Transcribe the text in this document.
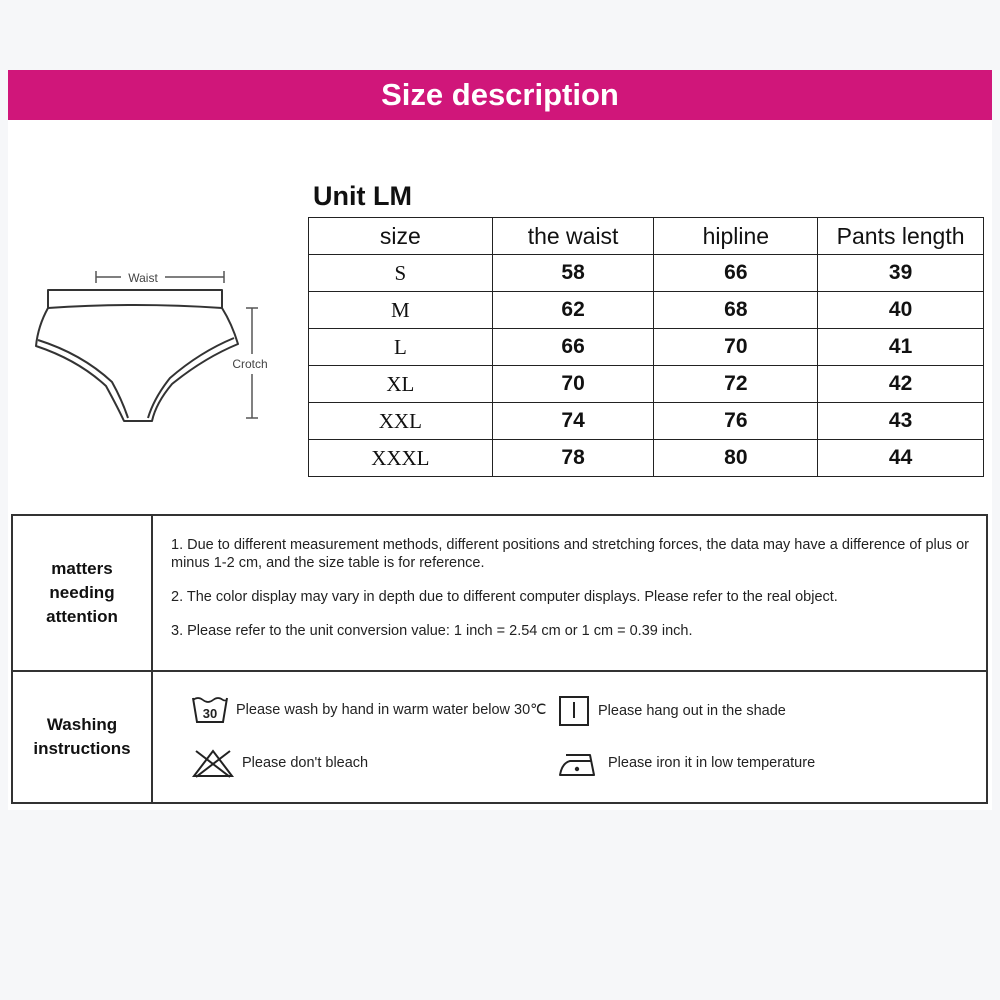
Size description
Waist
Crotch
Unit LM
size	the waist	hipline	Pants length
S	58	66	39
M	62	68	40
L	66	70	41
XL	70	72	42
XXL	74	76	43
XXXL	78	80	44
matters
needing
attention

1. Due to different measurement methods, different positions and stretching forces, the data may have a difference of plus or minus 1-2 cm, and the size table is for reference.

2. The color display may vary in depth due to different computer displays. Please refer to the real object.

3. Please refer to the unit conversion value: 1 inch = 2.54 cm or 1 cm = 0.39 inch.

Washing
instructions
30 Please wash by hand in warm water below 30℃	Please hang out in the shade
Please don't bleach	Please iron it in low temperature
